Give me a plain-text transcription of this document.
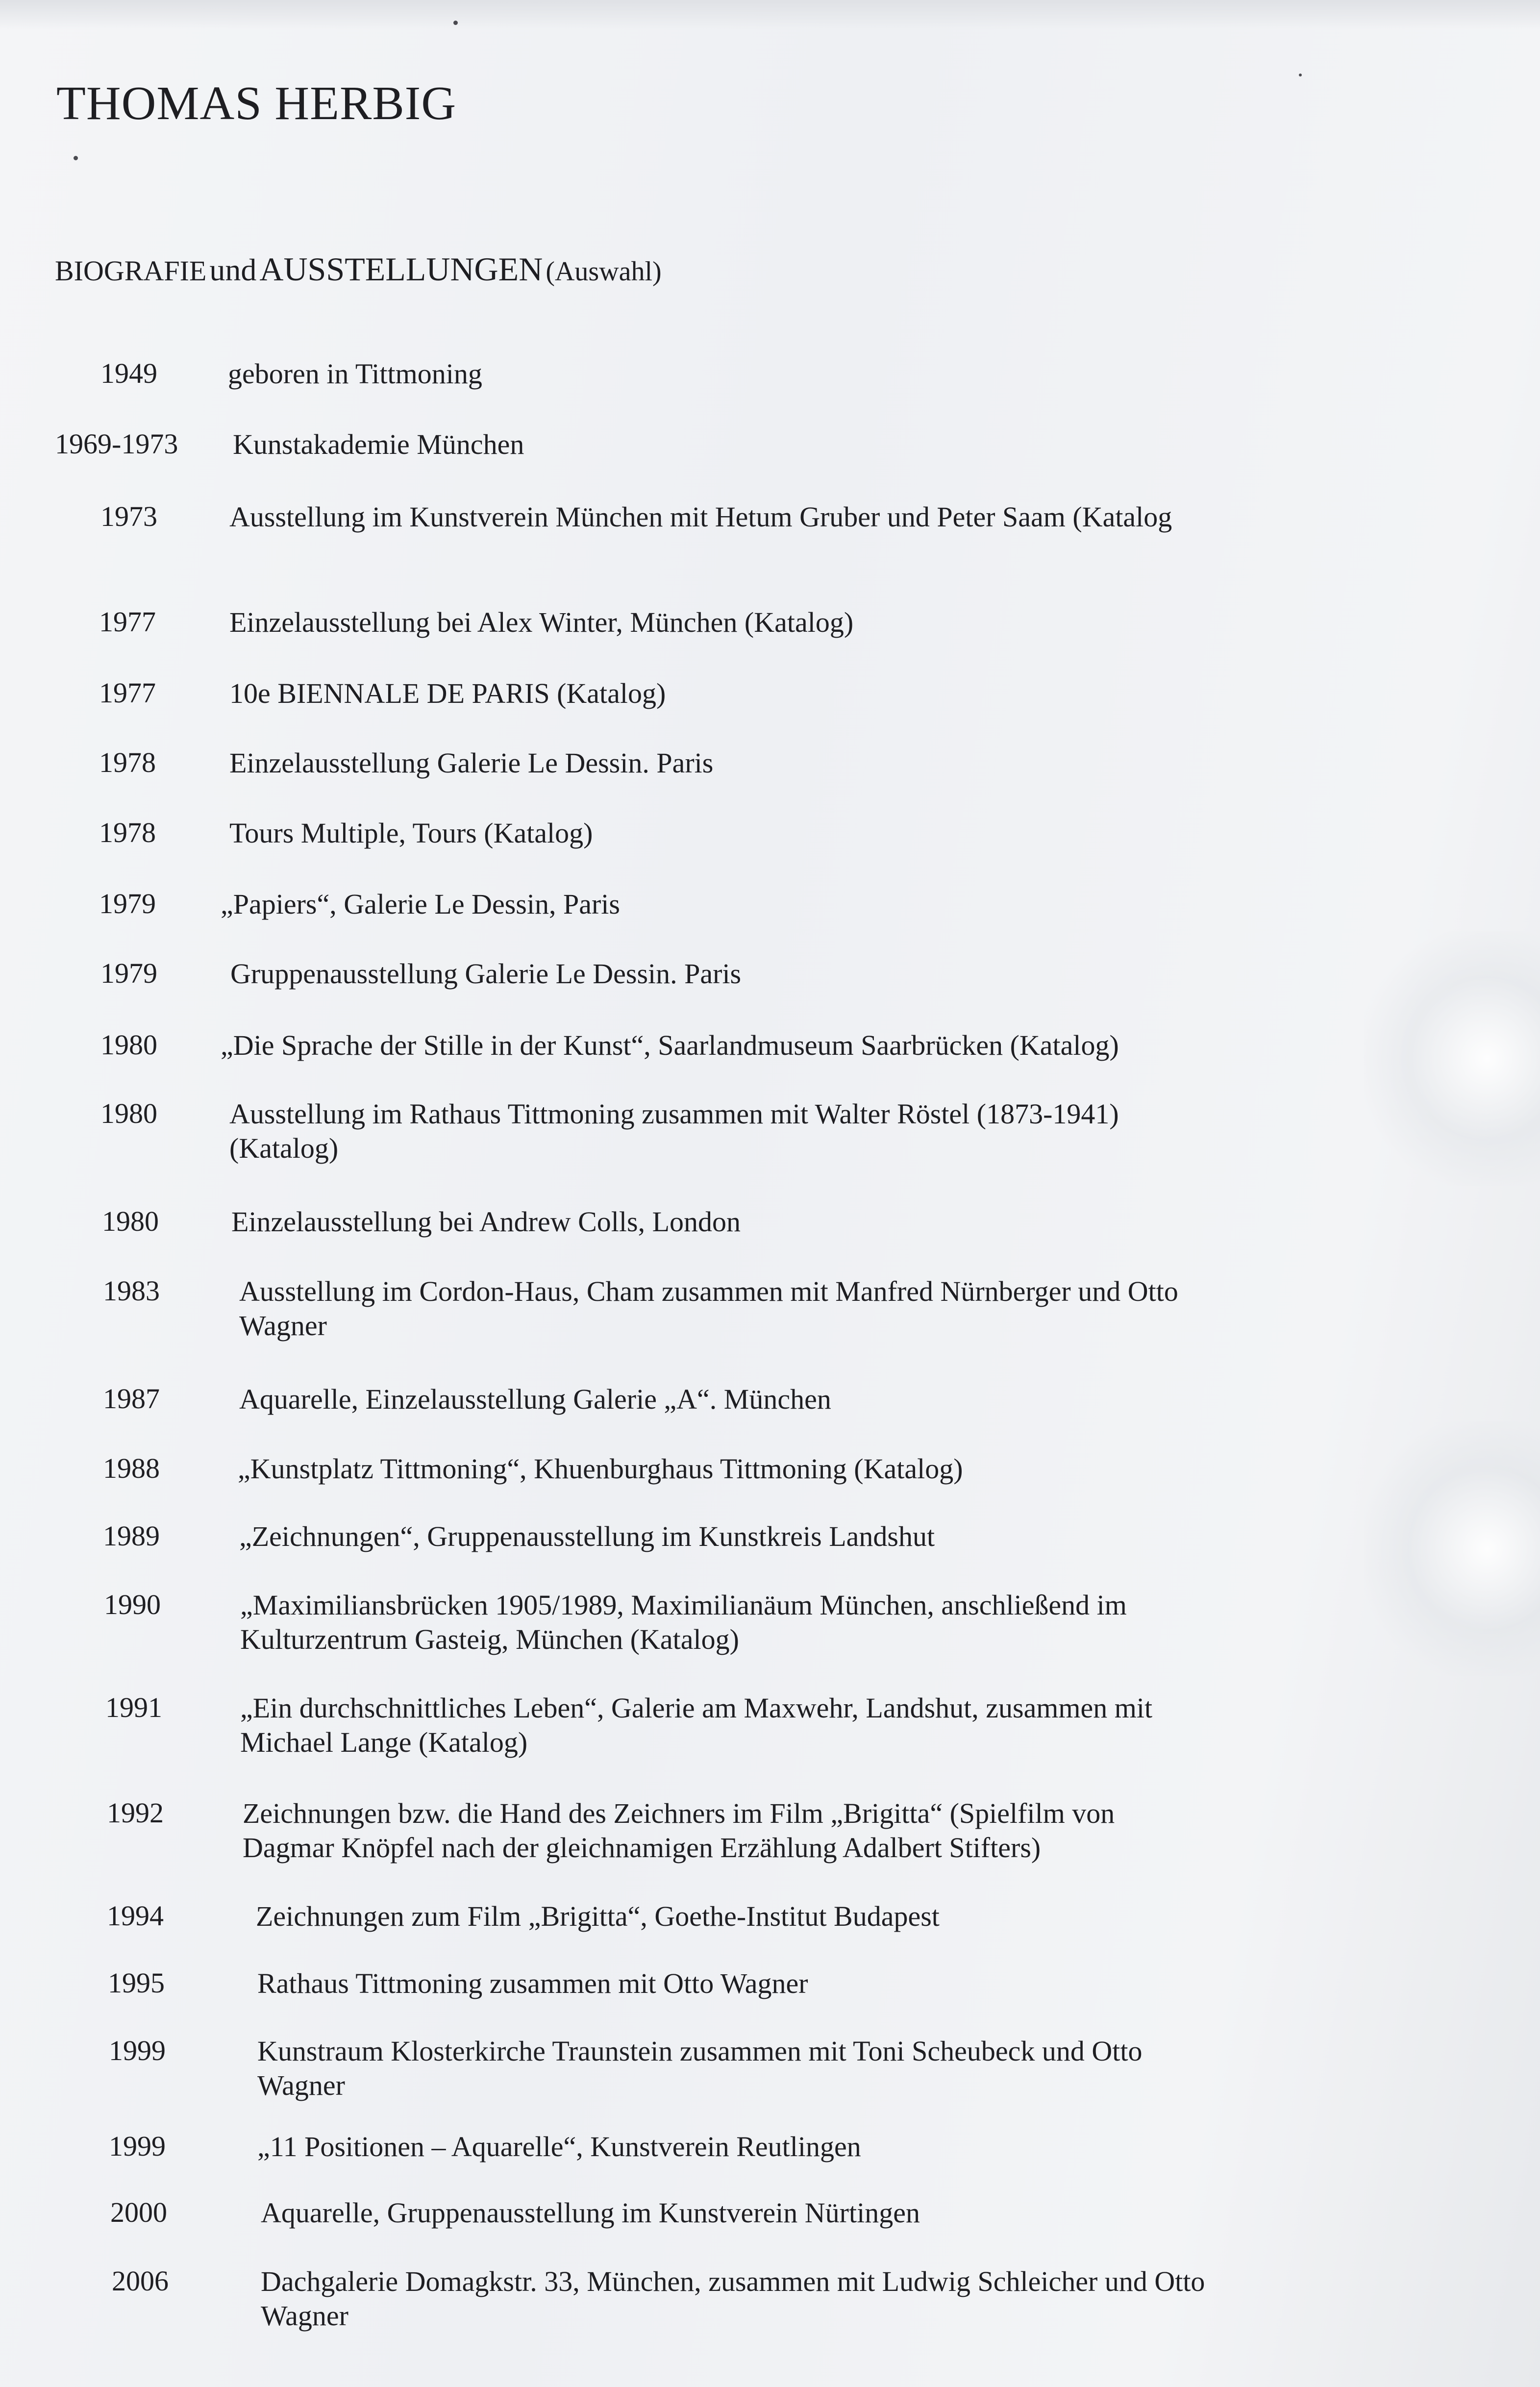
THOMAS HERBIG
BIOGRAFIE und AUSSTELLUNGEN (Auswahl)
1949 geboren in Tittmoning
1969-1973 Kunstakademie München
1973	Ausstellung im Kunstverein München mit Hetum Gruber und Peter Saam (Katalog
1977	Einzelausstellung bei Alex Winter, München (Katalog)
1977	10e BIENNALE DE PARIS (Katalog)
1978	Einzelausstellung Galerie Le Dessin. Paris
1978	Tours Multiple, Tours (Katalog)
1979 „Papiers“, Galerie Le Dessin, Paris
1979	Gruppenausstellung Galerie Le Dessin. Paris
1980 „Die Sprache der Stille in der Kunst“, Saarlandmuseum Saarbrücken (Katalog)
1980	Ausstellung im Rathaus Tittmoning zusammen mit Walter Röstel (1873-1941) (Katalog)
1980	Einzelausstellung bei Andrew Colls, London
1983	Ausstellung im Cordon-Haus, Cham zusammen mit Manfred Nürnberger und Otto Wagner
1987	Aquarelle, Einzelausstellung Galerie „A“. München
1988	„Kunstplatz Tittmoning“, Khuenburghaus Tittmoning (Katalog)
1989	„Zeichnungen“, Gruppenausstellung im Kunstkreis Landshut
1990	„Maximiliansbrücken 1905/1989, Maximilianäum München, anschließend im Kulturzentrum Gasteig, München (Katalog)
1991	„Ein durchschnittliches Leben“, Galerie am Maxwehr, Landshut, zusammen mit Michael Lange (Katalog)
1992	Zeichnungen bzw. die Hand des Zeichners im Film „Brigitta“ (Spielfilm von Dagmar Knöpfel nach der gleichnamigen Erzählung Adalbert Stifters)
1994	Zeichnungen zum Film „Brigitta“, Goethe-Institut Budapest
1995	Rathaus Tittmoning zusammen mit Otto Wagner
1999	Kunstraum Klosterkirche Traunstein zusammen mit Toni Scheubeck und Otto Wagner
1999	„11 Positionen – Aquarelle“, Kunstverein Reutlingen
2000	Aquarelle, Gruppenausstellung im Kunstverein Nürtingen
2006	Dachgalerie Domagkstr. 33, München, zusammen mit Ludwig Schleicher und Otto Wagner
